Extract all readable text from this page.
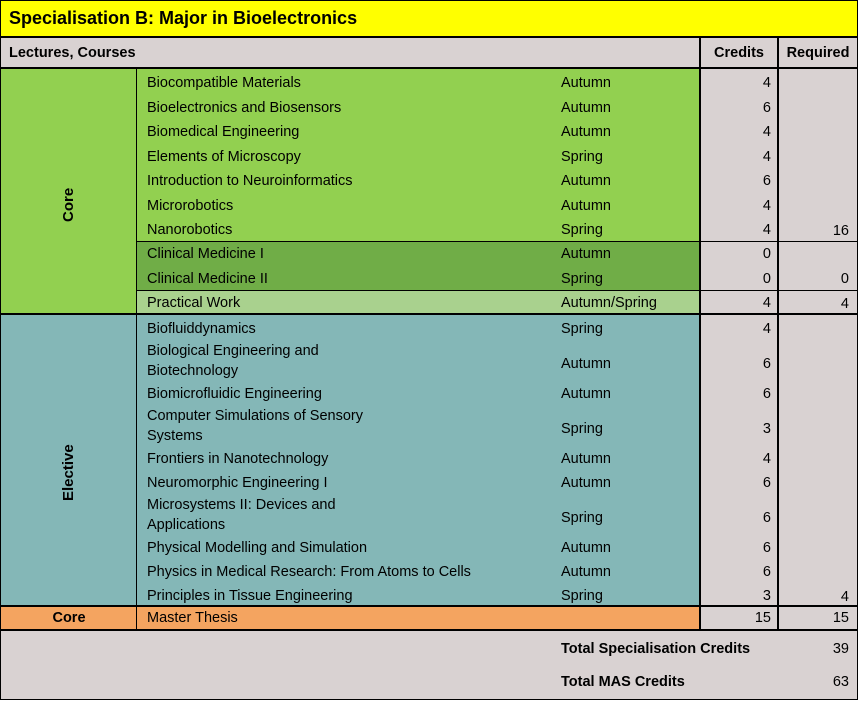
Specialisation B: Major in Bioelectronics
Lectures, Courses	Credits	Required
Core
Biocompatible Materials	Autumn	4
Bioelectronics and Biosensors	Autumn	6
Biomedical Engineering	Autumn	4
Elements of Microscopy	Spring	4
Introduction to Neuroinformatics	Autumn	6
Microrobotics	Autumn	4
Nanorobotics	Spring	4	16
Clinical Medicine I	Autumn	0
Clinical Medicine II	Spring	0	0
Practical Work	Autumn/Spring	4	4
Elective
Biofluiddynamics	Spring	4
Biological Engineering and Biotechnology	Autumn	6
Biomicrofluidic Engineering	Autumn	6
Computer Simulations of Sensory Systems	Spring	3
Frontiers in Nanotechnology	Autumn	4
Neuromorphic Engineering I	Autumn	6
Microsystems II: Devices and Applications	Spring	6
Physical Modelling and Simulation	Autumn	6
Physics in Medical Research: From Atoms to Cells	Autumn	6
Principles in Tissue Engineering	Spring	3	4
Core	Master Thesis	15	15
Total Specialisation Credits	39
Total MAS Credits	63
